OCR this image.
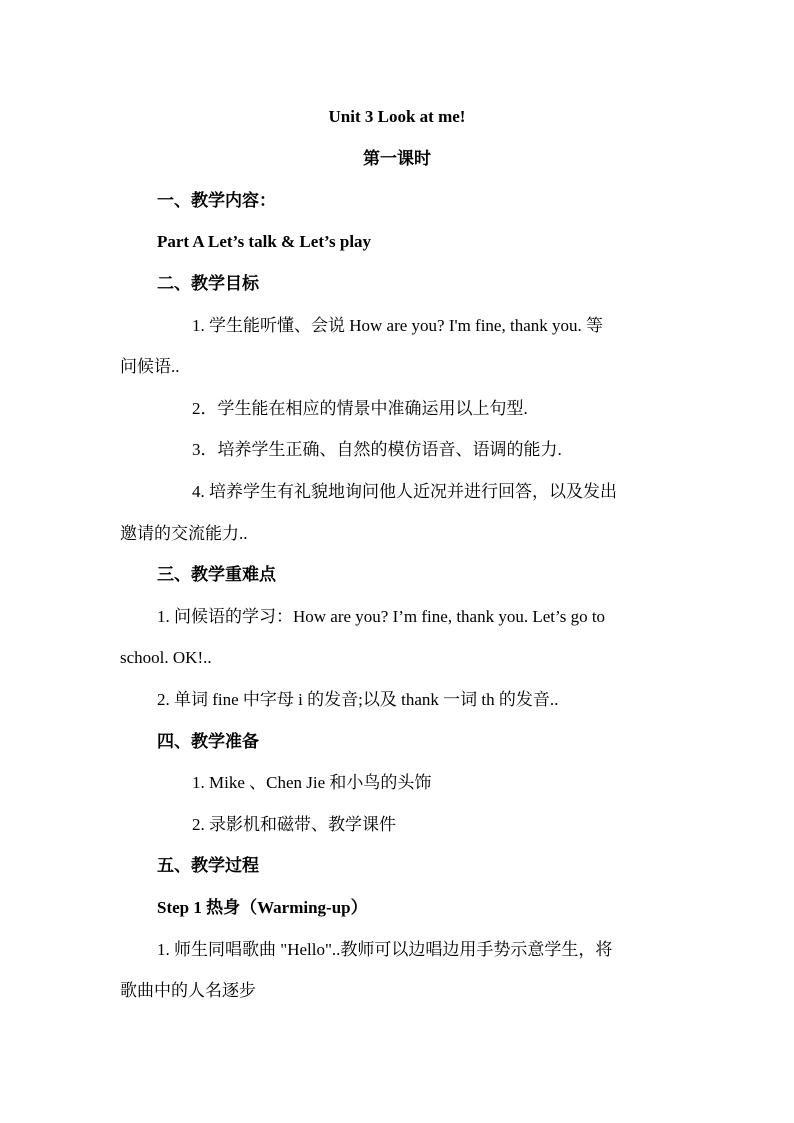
Unit 3 Look at me!
第一课时
一、教学内容：
Part A Let’s talk & Let’s play
二、教学目标
1. 学生能听懂、会说 How are you? I'm fine, thank you. 等
问候语..
2．学生能在相应的情景中准确运用以上句型.
3．培养学生正确、自然的模仿语音、语调的能力.
4. 培养学生有礼貌地询问他人近况并进行回答，以及发出
邀请的交流能力..
三、教学重难点
1. 问候语的学习：How are you? I’m fine, thank you. Let’s go to
school. OK!..
2. 单词 fine 中字母 i 的发音;以及 thank 一词 th 的发音..
四、教学准备
1. Mike 、Chen Jie 和小鸟的头饰
2. 录影机和磁带、教学课件
五、教学过程
Step 1 热身（Warming-up）
1. 师生同唱歌曲 "Hello"..教师可以边唱边用手势示意学生，将
歌曲中的人名逐步
